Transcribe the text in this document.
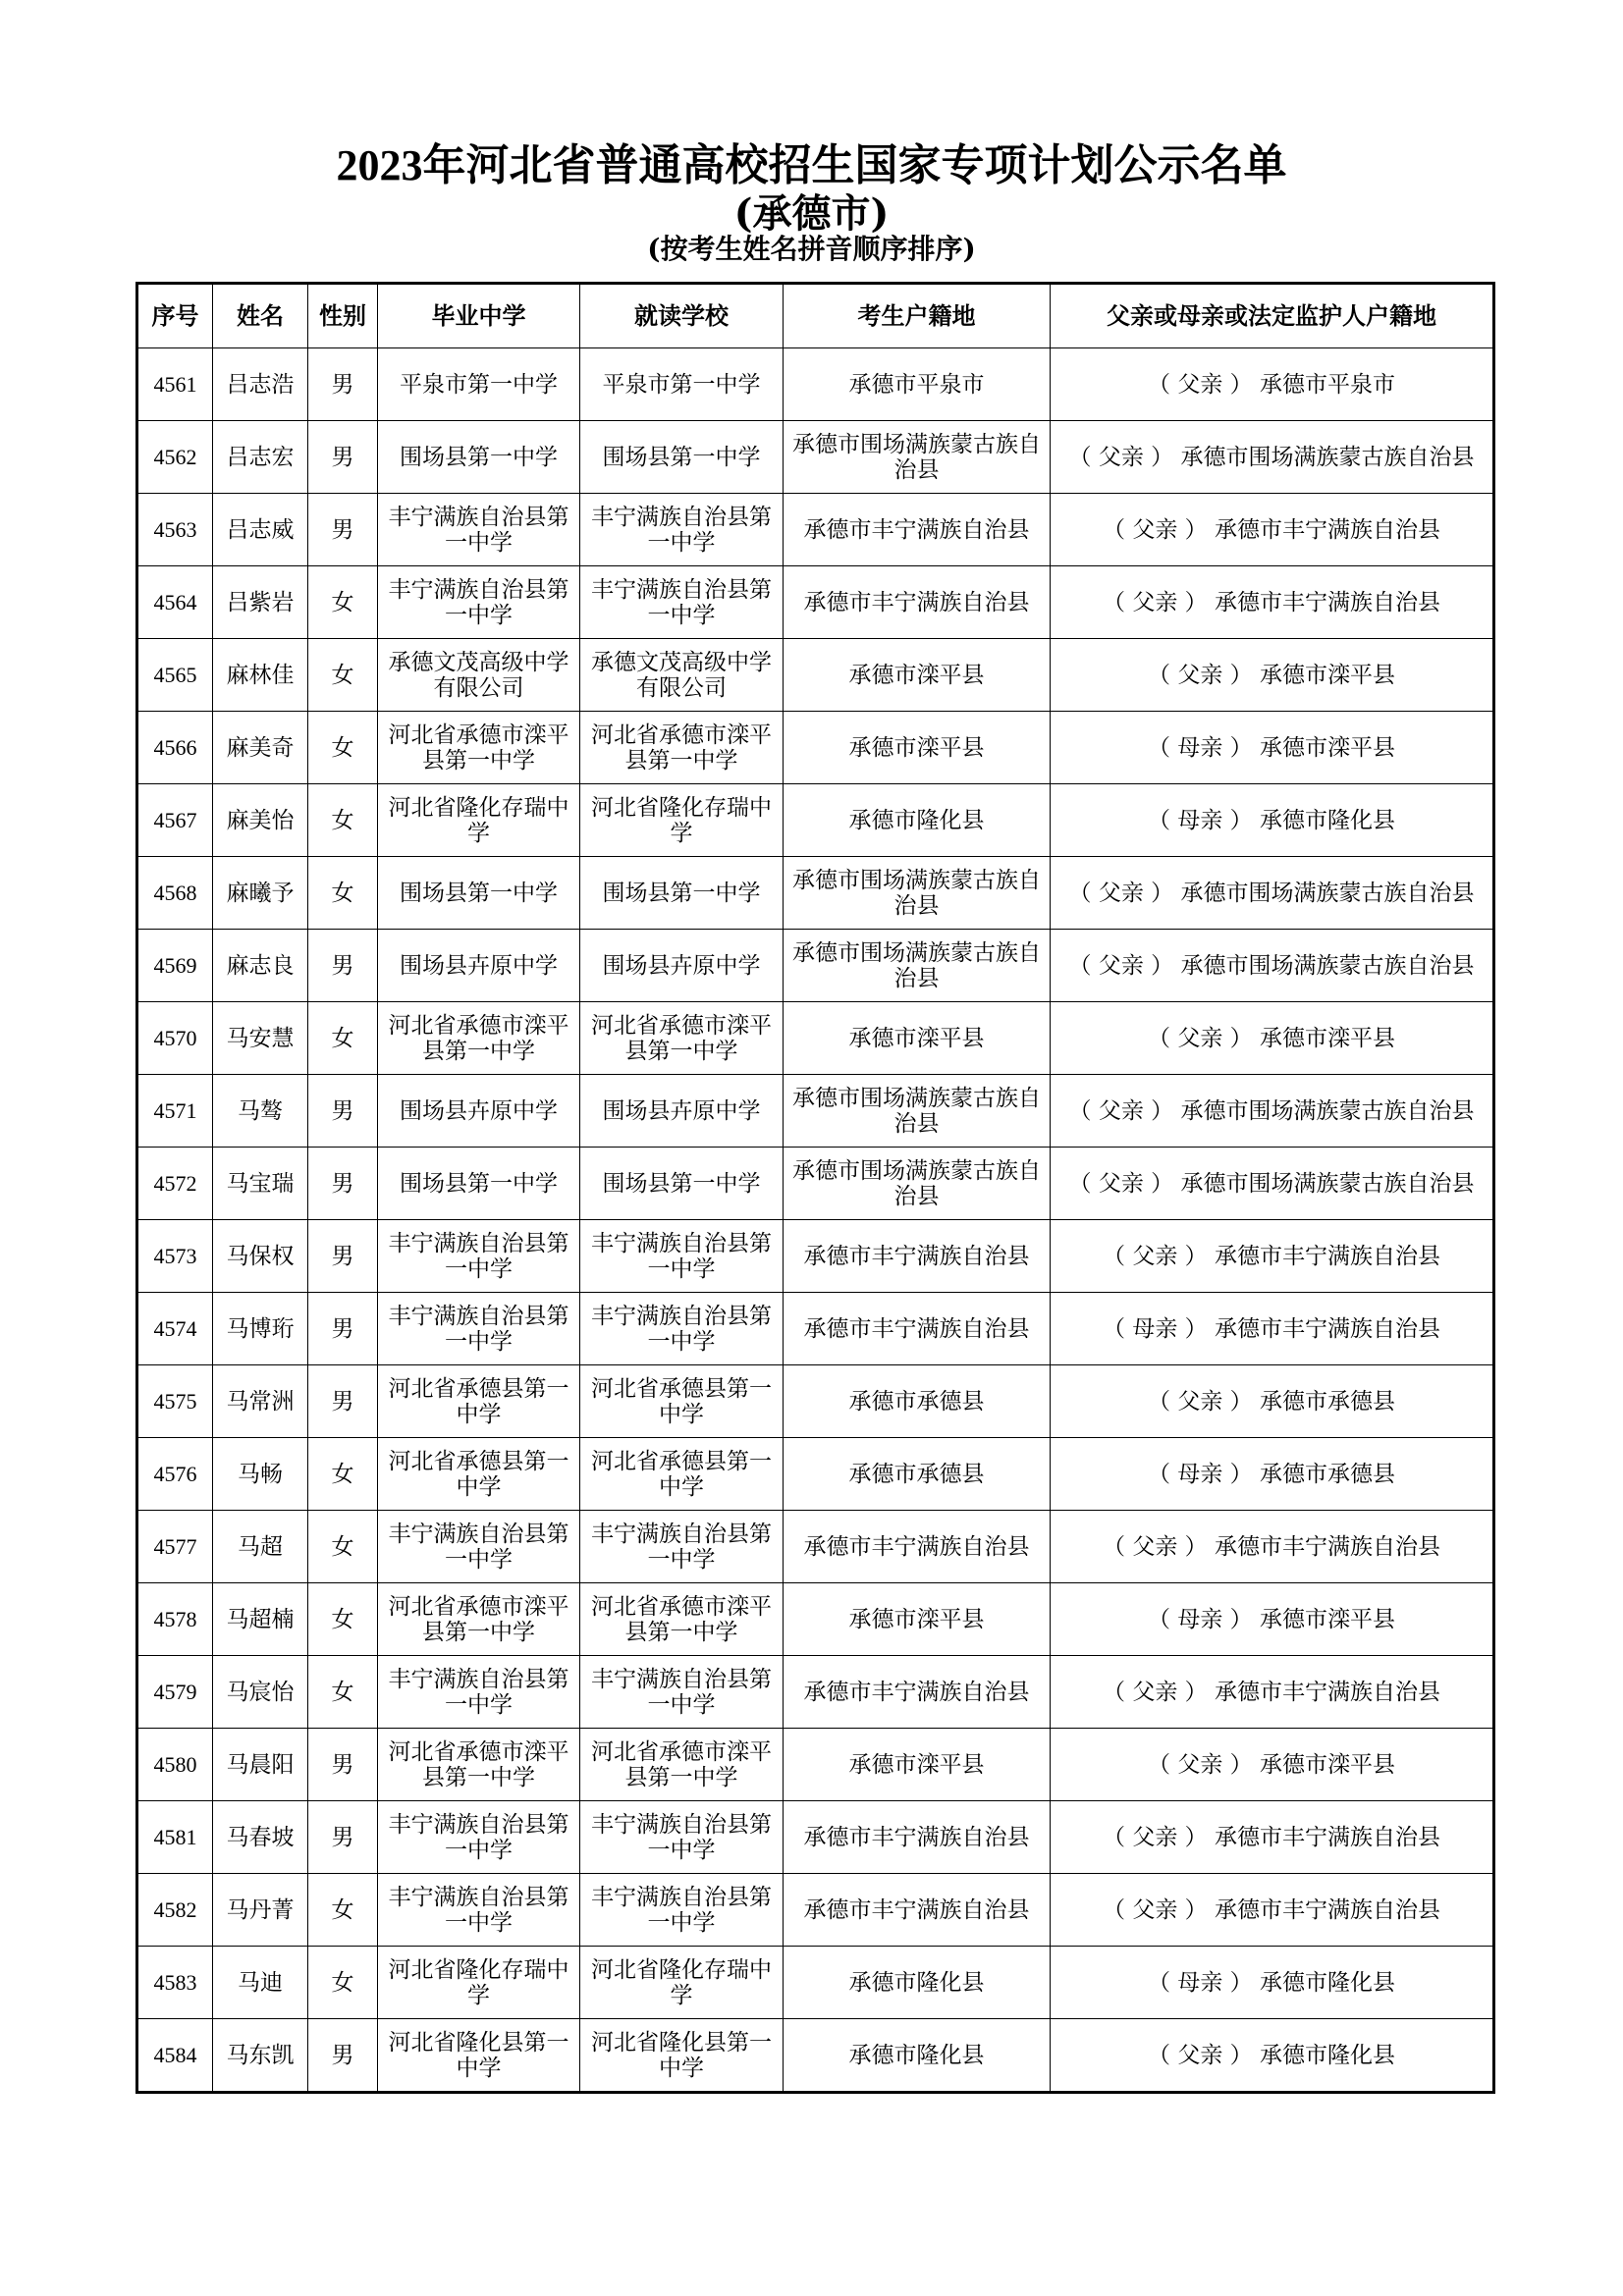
2023年河北省普通高校招生国家专项计划公示名单
(承德市)
(按考生姓名拼音顺序排序)
序号	姓名	性别	毕业中学	就读学校	考生户籍地	父亲或母亲或法定监护人户籍地
4561	吕志浩	男	平泉市第一中学	平泉市第一中学	承德市平泉市	（ 父亲 ） 承德市平泉市
4562	吕志宏	男	围场县第一中学	围场县第一中学	承德市围场满族蒙古族自治县	（ 父亲 ） 承德市围场满族蒙古族自治县
4563	吕志威	男	丰宁满族自治县第一中学	丰宁满族自治县第一中学	承德市丰宁满族自治县	（ 父亲 ） 承德市丰宁满族自治县
4564	吕紫岩	女	丰宁满族自治县第一中学	丰宁满族自治县第一中学	承德市丰宁满族自治县	（ 父亲 ） 承德市丰宁满族自治县
4565	麻林佳	女	承德文茂高级中学有限公司	承德文茂高级中学有限公司	承德市滦平县	（ 父亲 ） 承德市滦平县
4566	麻美奇	女	河北省承德市滦平县第一中学	河北省承德市滦平县第一中学	承德市滦平县	（ 母亲 ） 承德市滦平县
4567	麻美怡	女	河北省隆化存瑞中学	河北省隆化存瑞中学	承德市隆化县	（ 母亲 ） 承德市隆化县
4568	麻曦予	女	围场县第一中学	围场县第一中学	承德市围场满族蒙古族自治县	（ 父亲 ） 承德市围场满族蒙古族自治县
4569	麻志良	男	围场县卉原中学	围场县卉原中学	承德市围场满族蒙古族自治县	（ 父亲 ） 承德市围场满族蒙古族自治县
4570	马安慧	女	河北省承德市滦平县第一中学	河北省承德市滦平县第一中学	承德市滦平县	（ 父亲 ） 承德市滦平县
4571	马骜	男	围场县卉原中学	围场县卉原中学	承德市围场满族蒙古族自治县	（ 父亲 ） 承德市围场满族蒙古族自治县
4572	马宝瑞	男	围场县第一中学	围场县第一中学	承德市围场满族蒙古族自治县	（ 父亲 ） 承德市围场满族蒙古族自治县
4573	马保权	男	丰宁满族自治县第一中学	丰宁满族自治县第一中学	承德市丰宁满族自治县	（ 父亲 ） 承德市丰宁满族自治县
4574	马博珩	男	丰宁满族自治县第一中学	丰宁满族自治县第一中学	承德市丰宁满族自治县	（ 母亲 ） 承德市丰宁满族自治县
4575	马常洲	男	河北省承德县第一中学	河北省承德县第一中学	承德市承德县	（ 父亲 ） 承德市承德县
4576	马畅	女	河北省承德县第一中学	河北省承德县第一中学	承德市承德县	（ 母亲 ） 承德市承德县
4577	马超	女	丰宁满族自治县第一中学	丰宁满族自治县第一中学	承德市丰宁满族自治县	（ 父亲 ） 承德市丰宁满族自治县
4578	马超楠	女	河北省承德市滦平县第一中学	河北省承德市滦平县第一中学	承德市滦平县	（ 母亲 ） 承德市滦平县
4579	马宸怡	女	丰宁满族自治县第一中学	丰宁满族自治县第一中学	承德市丰宁满族自治县	（ 父亲 ） 承德市丰宁满族自治县
4580	马晨阳	男	河北省承德市滦平县第一中学	河北省承德市滦平县第一中学	承德市滦平县	（ 父亲 ） 承德市滦平县
4581	马春坡	男	丰宁满族自治县第一中学	丰宁满族自治县第一中学	承德市丰宁满族自治县	（ 父亲 ） 承德市丰宁满族自治县
4582	马丹菁	女	丰宁满族自治县第一中学	丰宁满族自治县第一中学	承德市丰宁满族自治县	（ 父亲 ） 承德市丰宁满族自治县
4583	马迪	女	河北省隆化存瑞中学	河北省隆化存瑞中学	承德市隆化县	（ 母亲 ） 承德市隆化县
4584	马东凯	男	河北省隆化县第一中学	河北省隆化县第一中学	承德市隆化县	（ 父亲 ） 承德市隆化县
